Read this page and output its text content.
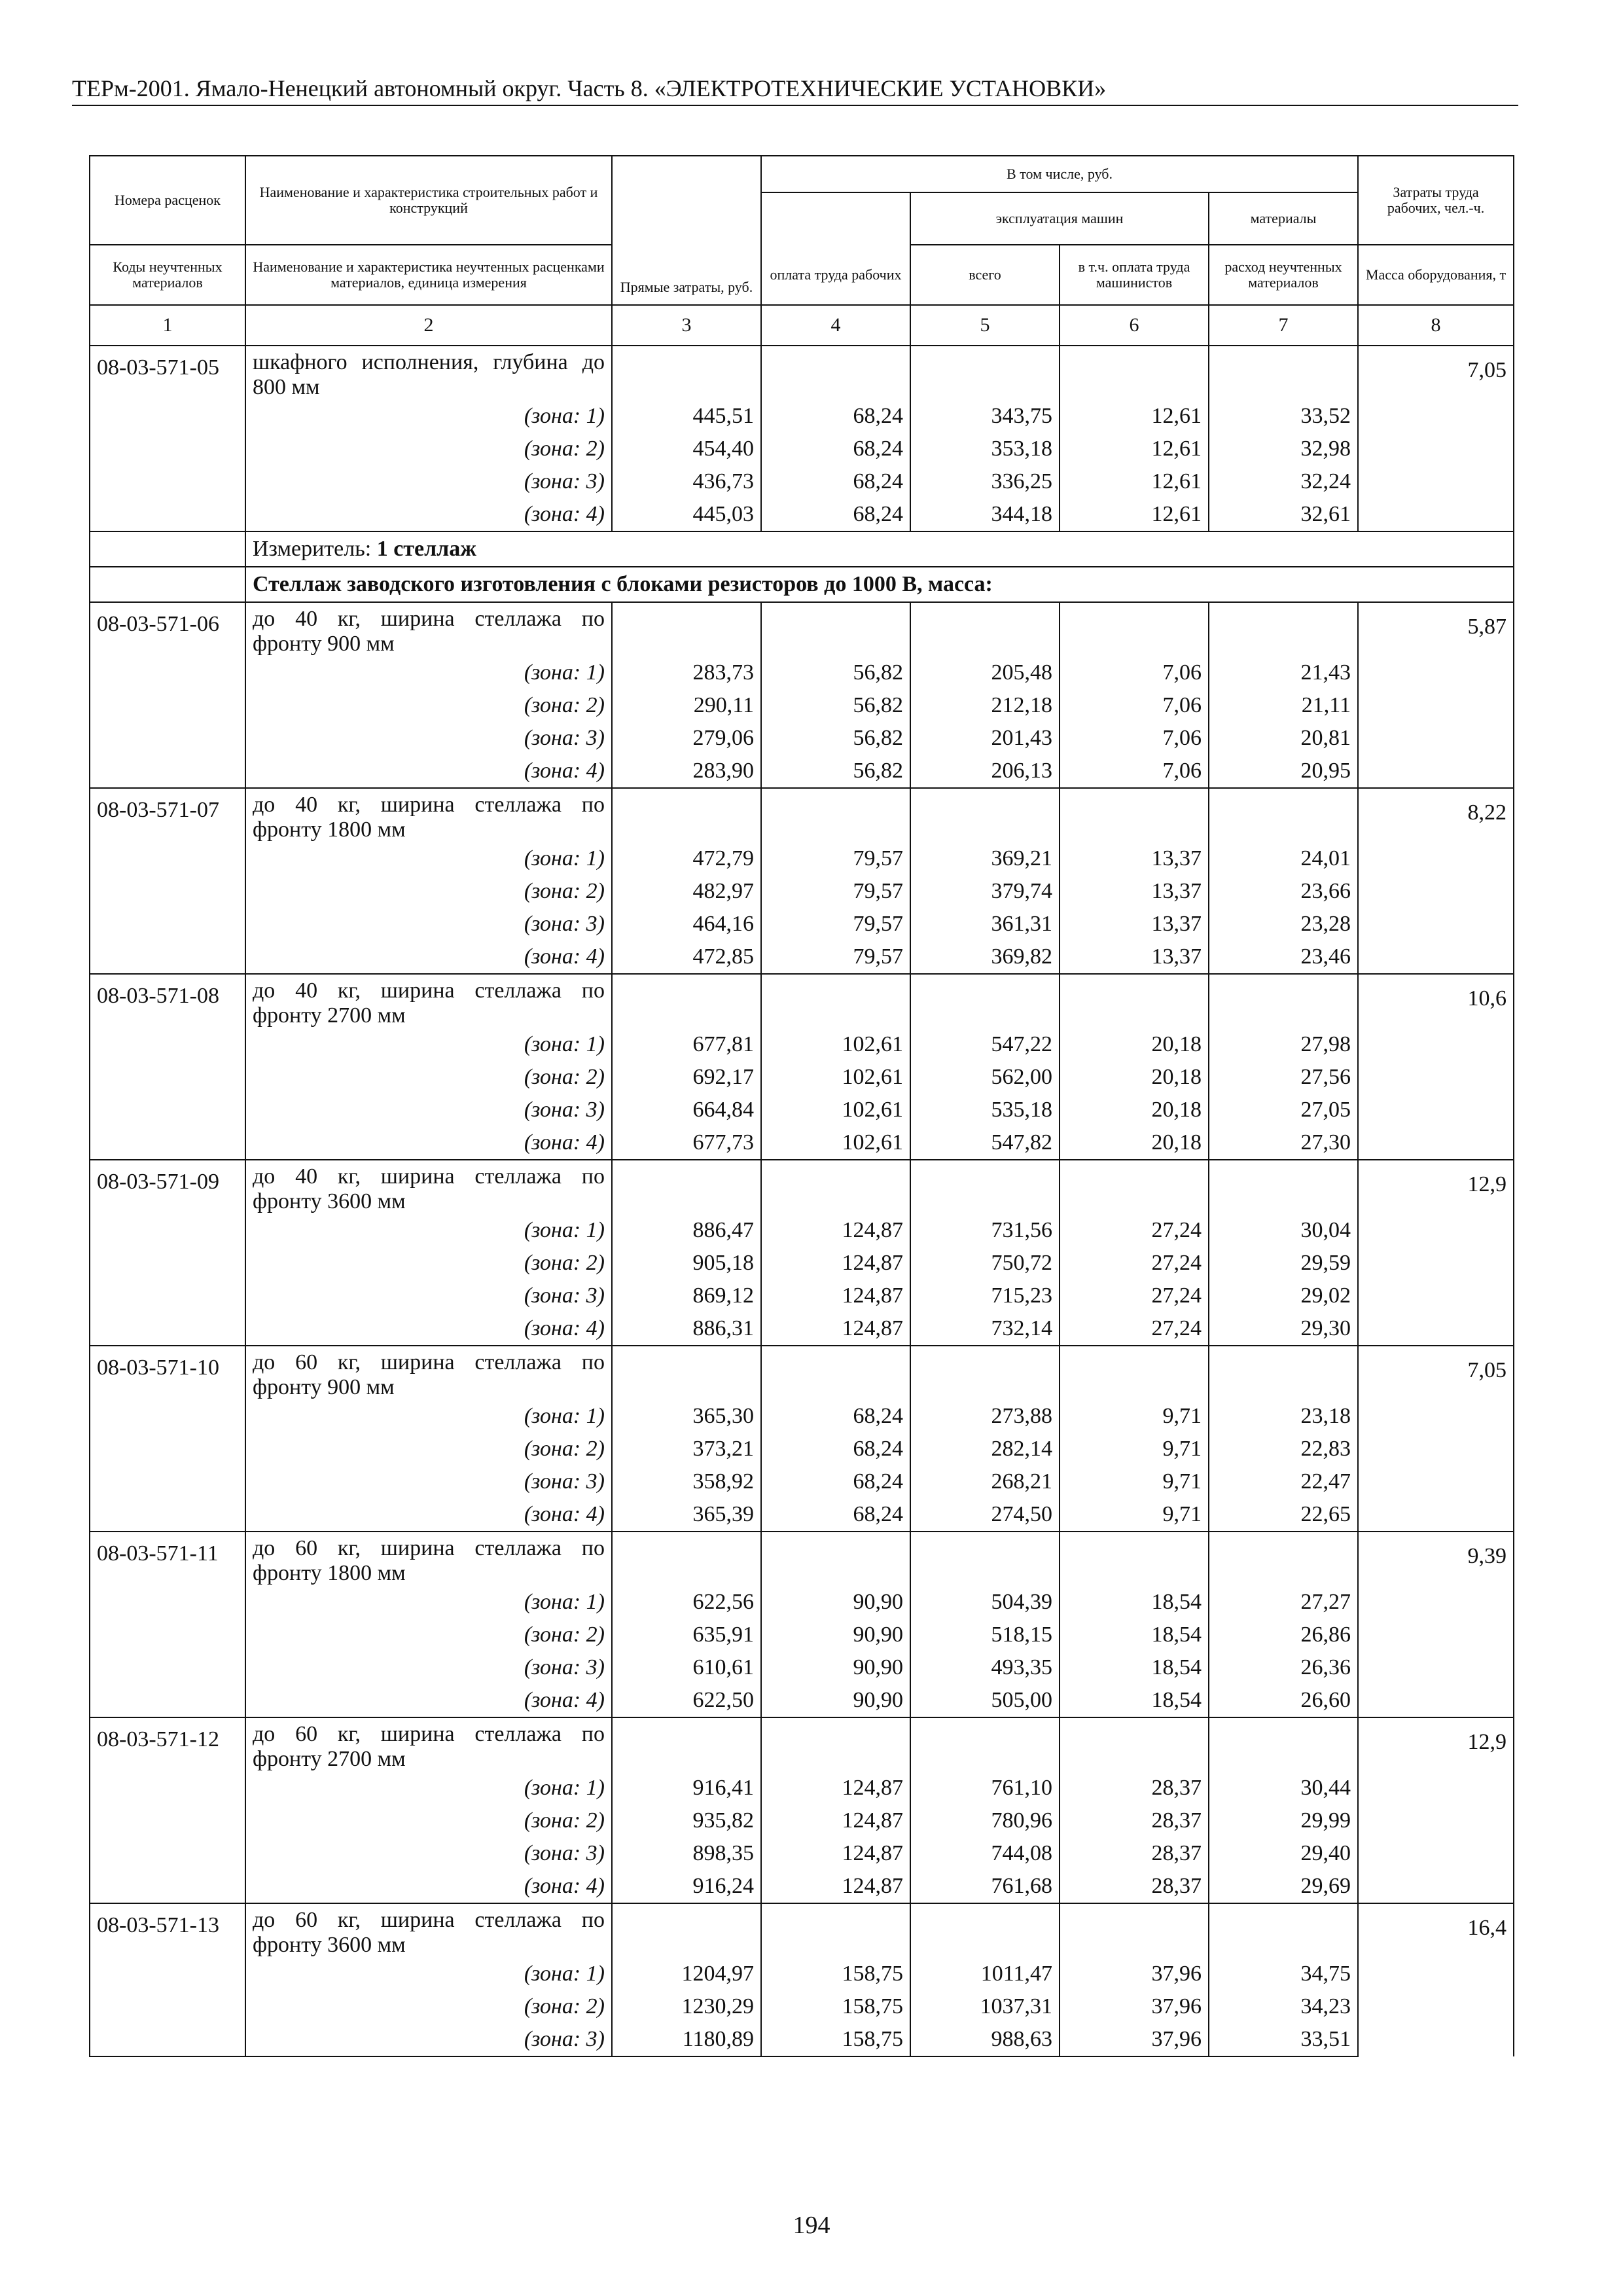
ТЕРм-2001. Ямало-Ненецкий автономный округ. Часть 8. «ЭЛЕКТРОТЕХНИЧЕСКИЕ УСТАНОВКИ»
Номера расценок	Наименование и характеристика строительных работ и конструкций	Прямые затраты, руб.	В том числе, руб.				Затраты труда рабочих, чел.-ч.
				эксплуатация машин		материалы	
Коды неучтенных материалов	Наименование и характеристика неучтенных расценками материалов, единица измерения		оплата труда рабочих	всего	в т.ч. оплата труда машинистов	расход неучтенных материалов	Масса оборудования, т
1	2	3	4	5	6	7	8
08-03-571-05	шкафного исполнения, глубина до 800 мм						7,05
	(зона: 1)	445,51	68,24	343,75	12,61	33,52	
	(зона: 2)	454,40	68,24	353,18	12,61	32,98	
	(зона: 3)	436,73	68,24	336,25	12,61	32,24	
	(зона: 4)	445,03	68,24	344,18	12,61	32,61	
	Измеритель: 1 стеллаж						
	Стеллаж заводского изготовления с блоками резисторов до 1000 В, масса:						
08-03-571-06	до 40 кг, ширина стеллажа по фронту 900 мм						5,87
	(зона: 1)	283,73	56,82	205,48	7,06	21,43	
	(зона: 2)	290,11	56,82	212,18	7,06	21,11	
	(зона: 3)	279,06	56,82	201,43	7,06	20,81	
	(зона: 4)	283,90	56,82	206,13	7,06	20,95	
08-03-571-07	до 40 кг, ширина стеллажа по фронту 1800 мм						8,22
	(зона: 1)	472,79	79,57	369,21	13,37	24,01	
	(зона: 2)	482,97	79,57	379,74	13,37	23,66	
	(зона: 3)	464,16	79,57	361,31	13,37	23,28	
	(зона: 4)	472,85	79,57	369,82	13,37	23,46	
08-03-571-08	до 40 кг, ширина стеллажа по фронту 2700 мм						10,6
	(зона: 1)	677,81	102,61	547,22	20,18	27,98	
	(зона: 2)	692,17	102,61	562,00	20,18	27,56	
	(зона: 3)	664,84	102,61	535,18	20,18	27,05	
	(зона: 4)	677,73	102,61	547,82	20,18	27,30	
08-03-571-09	до 40 кг, ширина стеллажа по фронту 3600 мм						12,9
	(зона: 1)	886,47	124,87	731,56	27,24	30,04	
	(зона: 2)	905,18	124,87	750,72	27,24	29,59	
	(зона: 3)	869,12	124,87	715,23	27,24	29,02	
	(зона: 4)	886,31	124,87	732,14	27,24	29,30	
08-03-571-10	до 60 кг, ширина стеллажа по фронту 900 мм						7,05
	(зона: 1)	365,30	68,24	273,88	9,71	23,18	
	(зона: 2)	373,21	68,24	282,14	9,71	22,83	
	(зона: 3)	358,92	68,24	268,21	9,71	22,47	
	(зона: 4)	365,39	68,24	274,50	9,71	22,65	
08-03-571-11	до 60 кг, ширина стеллажа по фронту 1800 мм						9,39
	(зона: 1)	622,56	90,90	504,39	18,54	27,27	
	(зона: 2)	635,91	90,90	518,15	18,54	26,86	
	(зона: 3)	610,61	90,90	493,35	18,54	26,36	
	(зона: 4)	622,50	90,90	505,00	18,54	26,60	
08-03-571-12	до 60 кг, ширина стеллажа по фронту 2700 мм						12,9
	(зона: 1)	916,41	124,87	761,10	28,37	30,44	
	(зона: 2)	935,82	124,87	780,96	28,37	29,99	
	(зона: 3)	898,35	124,87	744,08	28,37	29,40	
	(зона: 4)	916,24	124,87	761,68	28,37	29,69	
08-03-571-13	до 60 кг, ширина стеллажа по фронту 3600 мм						16,4
	(зона: 1)	1204,97	158,75	1011,47	37,96	34,75	
	(зона: 2)	1230,29	158,75	1037,31	37,96	34,23	
	(зона: 3)	1180,89	158,75	988,63	37,96	33,51	
194
